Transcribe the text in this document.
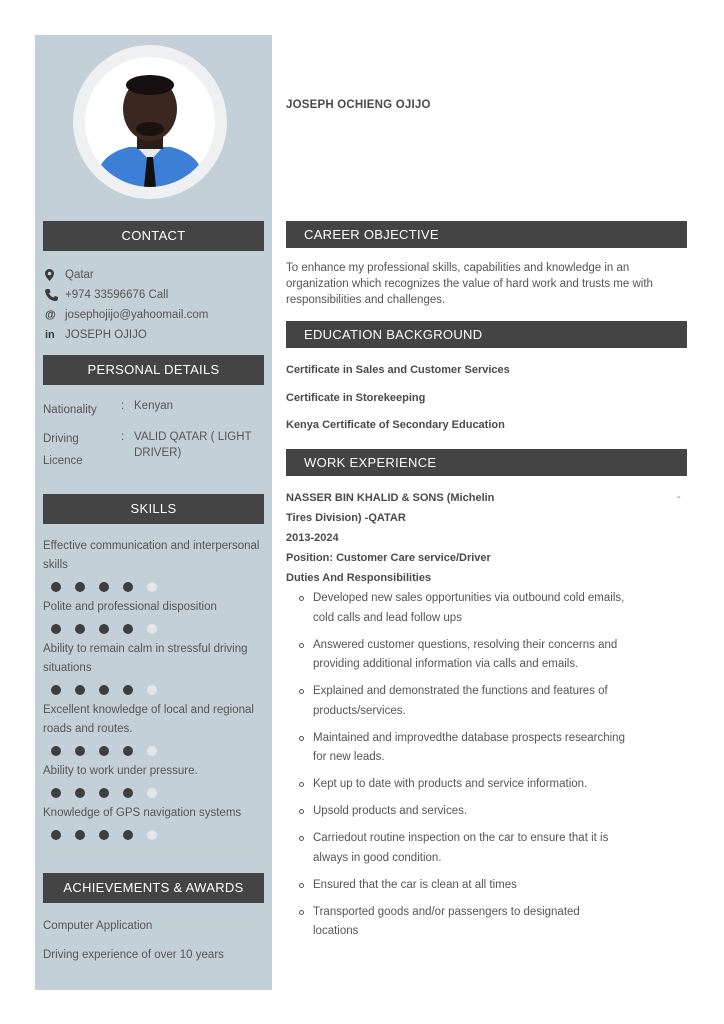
CONTACT
Qatar
+974 33596676 Call
@ josephojijo@yahoomail.com
in JOSEPH OJIJO
PERSONAL DETAILS
Nationality	: Kenyan
Driving
Licence
: VALID QATAR ( LIGHT DRIVER)
SKILLS
Effective communication and interpersonal skills
Polite and professional disposition
Ability to remain calm in stressful driving situations
Excellent knowledge of local and regional roads and routes.
Ability to work under pressure.
Knowledge of GPS navigation systems
ACHIEVEMENTS & AWARDS
Computer Application
Driving experience of over 10 years
JOSEPH OCHIENG OJIJO
CAREER OBJECTIVE
To enhance my professional skills, capabilities and knowledge in an organization which recognizes the value of hard work and trusts me with responsibilities and challenges.
EDUCATION BACKGROUND
Certificate in Sales and Customer Services
Certificate in Storekeeping
Kenya Certificate of Secondary Education
WORK EXPERIENCE
NASSER BIN KHALID & SONS (Michelin	-
Tires Division) -QATAR
2013-2024
Position: Customer Care service/Driver
Duties And Responsibilities
Developed new sales opportunities via outbound cold emails, cold calls and lead follow ups
Answered customer questions, resolving their concerns and providing additional information via calls and emails.
Explained and demonstrated the functions and features of products/services.
Maintained and improvedthe database prospects researching for new leads.
Kept up to date with products and service information.
Upsold products and services.
Carriedout routine inspection on the car to ensure that it is always in good condition.
Ensured that the car is clean at all times
Transported goods and/or passengers to designated locations
